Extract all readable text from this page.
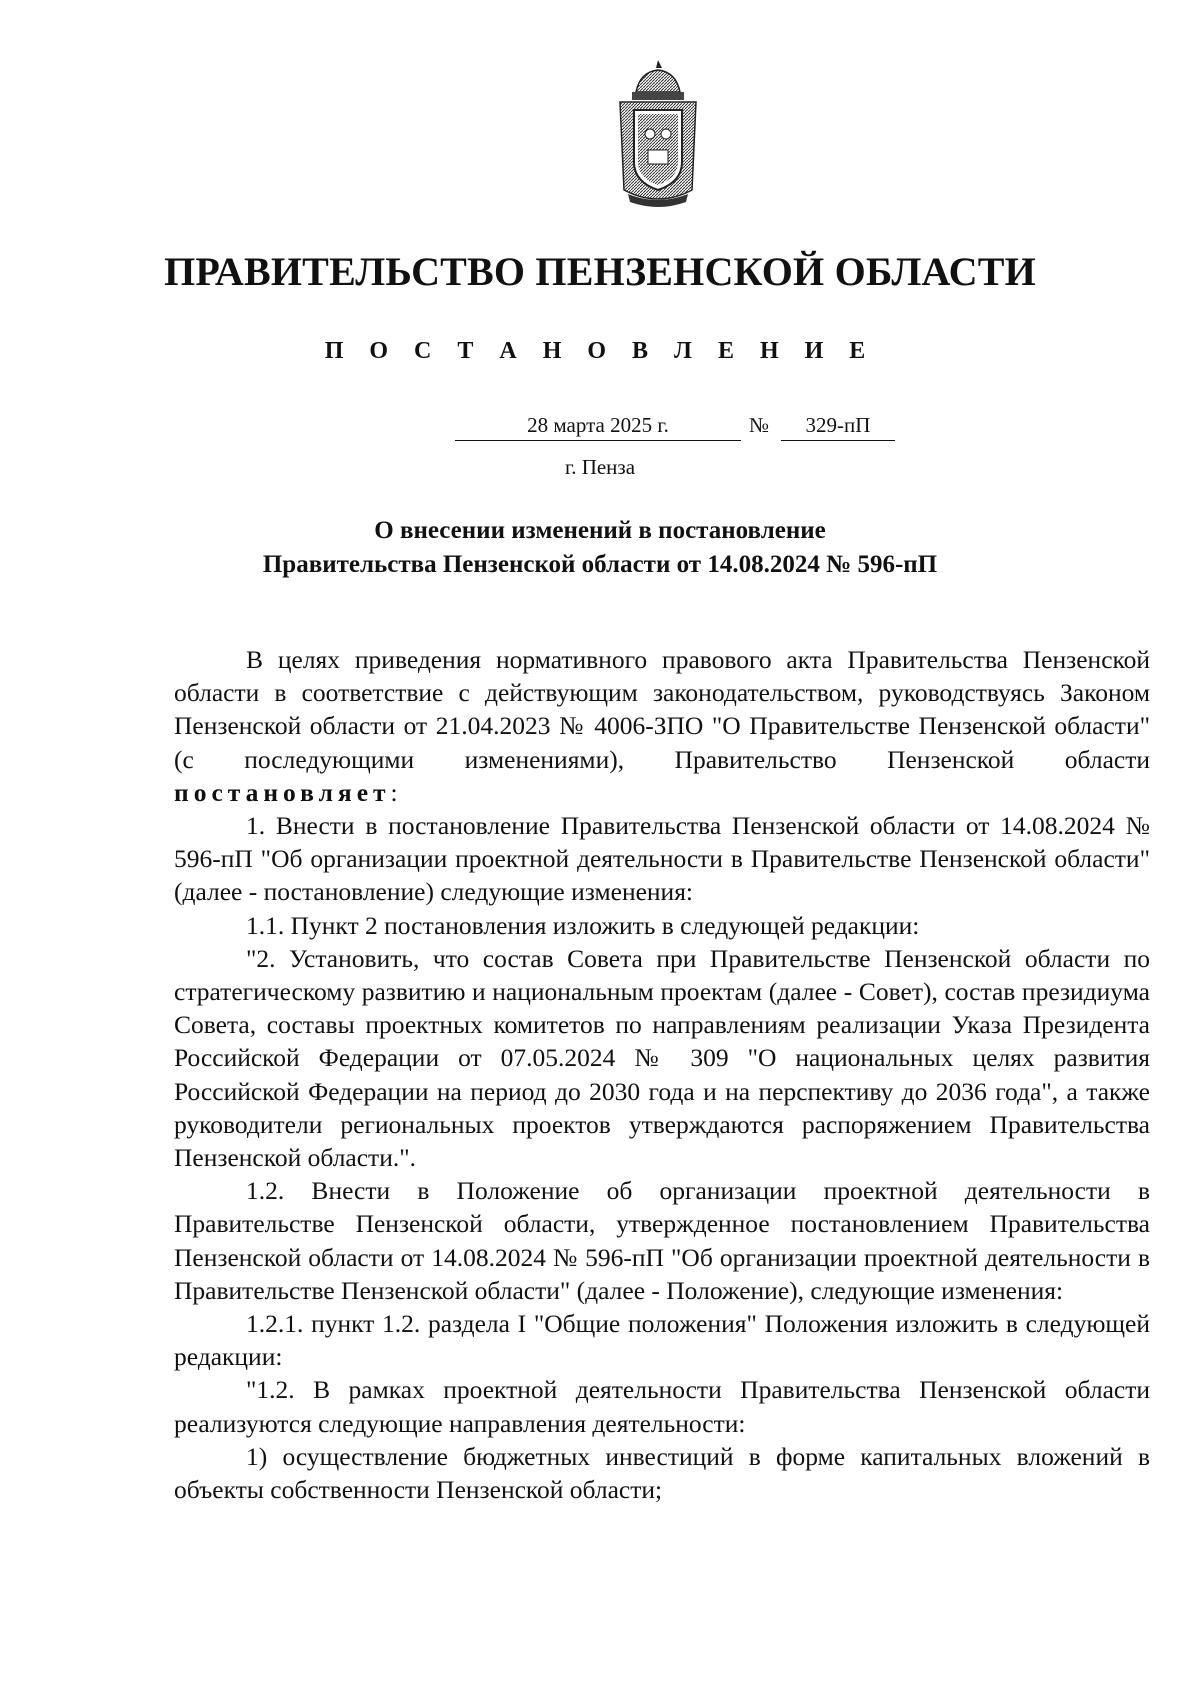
ПРАВИТЕЛЬСТВО ПЕНЗЕНСКОЙ ОБЛАСТИ
П О С Т А Н О В Л Е Н И Е
28 марта 2025 г.	№	329-пП
г. Пенза
О внесении изменений в постановление
Правительства Пензенской области от 14.08.2024 № 596-пП

В целях приведения нормативного правового акта Правительства Пензенской области в соответствие с действующим законодательством, руководствуясь Законом Пензенской области от 21.04.2023 № 4006-ЗПО "О Правительстве Пензенской области" (с последующими изменениями), Правительство Пензенской области постановляет:

1. Внести в постановление Правительства Пензенской области от 14.08.2024 № 596-пП "Об организации проектной деятельности в Правительстве Пензенской области" (далее - постановление) следующие изменения:

1.1. Пункт 2 постановления изложить в следующей редакции:

"2. Установить, что состав Совета при Правительстве Пензенской области по стратегическому развитию и национальным проектам (далее - Совет), состав президиума Совета, составы проектных комитетов по направлениям реализации Указа Президента Российской Федерации от 07.05.2024 № 309 "О национальных целях развития Российской Федерации на период до 2030 года и на перспективу до 2036 года", а также руководители региональных проектов утверждаются распоряжением Правительства Пензенской области.".

1.2. Внести в Положение об организации проектной деятельности в Правительстве Пензенской области, утвержденное постановлением Правительства Пензенской области от 14.08.2024 № 596-пП "Об организации проектной деятельности в Правительстве Пензенской области" (далее - Положение), следующие изменения:

1.2.1. пункт 1.2. раздела I "Общие положения" Положения изложить в следующей редакции:

"1.2. В рамках проектной деятельности Правительства Пензенской области реализуются следующие направления деятельности:

1) осуществление бюджетных инвестиций в форме капитальных вложений в объекты собственности Пензенской области;
